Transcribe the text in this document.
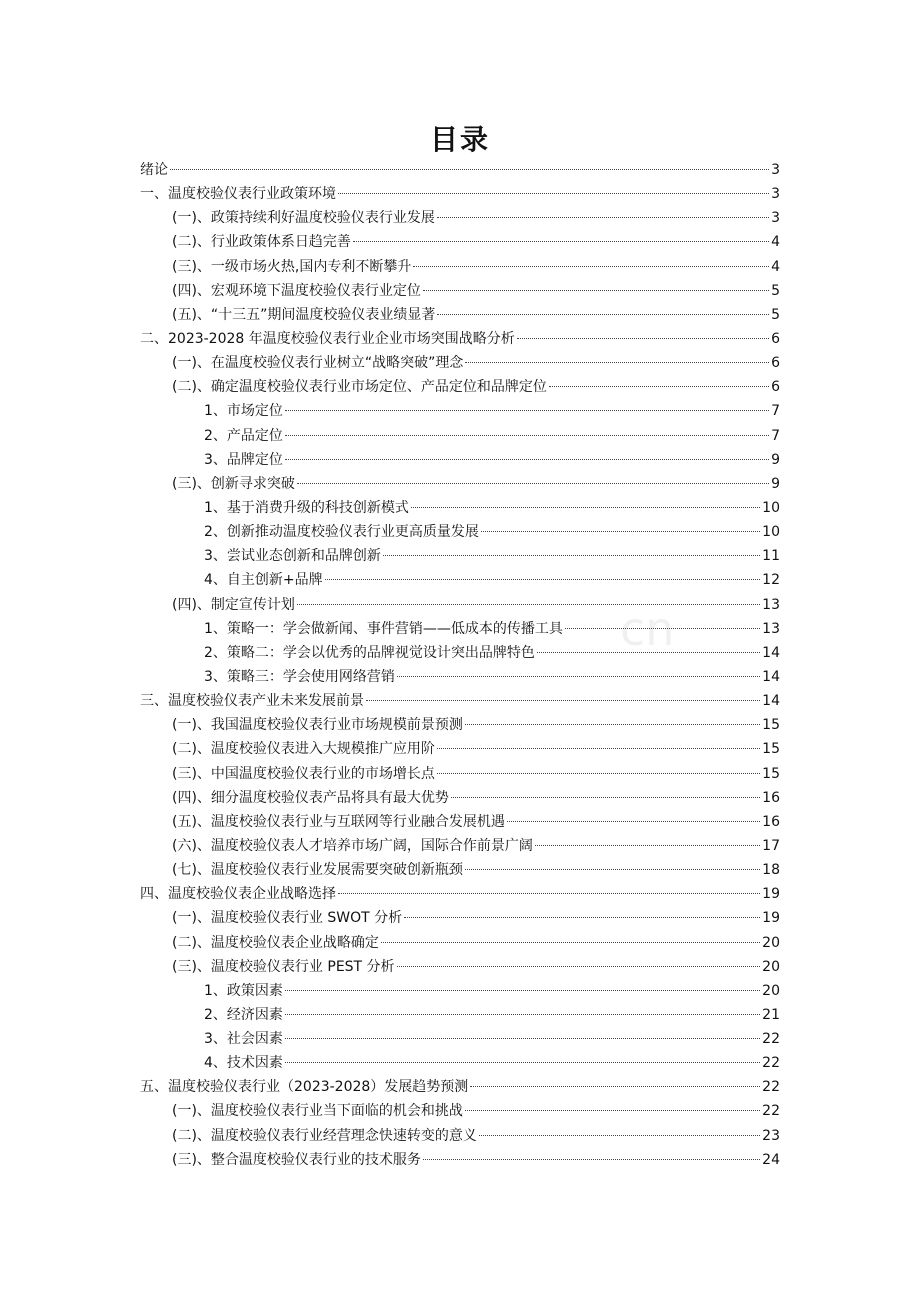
目录
cn
绪论	3
一、温度校验仪表行业政策环境	3
(一)、政策持续利好温度校验仪表行业发展	3
(二)、行业政策体系日趋完善	4
(三)、一级市场火热,国内专利不断攀升	4
(四)、宏观环境下温度校验仪表行业定位	5
(五)、“十三五”期间温度校验仪表业绩显著	5
二、2023-2028 年温度校验仪表行业企业市场突围战略分析	6
(一)、在温度校验仪表行业树立“战略突破”理念	6
(二)、确定温度校验仪表行业市场定位、产品定位和品牌定位	6
1、市场定位	7
2、产品定位	7
3、品牌定位	9
(三)、创新寻求突破	9
1、基于消费升级的科技创新模式	10
2、创新推动温度校验仪表行业更高质量发展	10
3、尝试业态创新和品牌创新	11
4、自主创新+品牌	12
(四)、制定宣传计划	13
1、策略一：学会做新闻、事件营销——低成本的传播工具	13
2、策略二：学会以优秀的品牌视觉设计突出品牌特色	14
3、策略三：学会使用网络营销	14
三、温度校验仪表产业未来发展前景	14
(一)、我国温度校验仪表行业市场规模前景预测	15
(二)、温度校验仪表进入大规模推广应用阶	15
(三)、中国温度校验仪表行业的市场增长点	15
(四)、细分温度校验仪表产品将具有最大优势	16
(五)、温度校验仪表行业与互联网等行业融合发展机遇	16
(六)、温度校验仪表人才培养市场广阔，国际合作前景广阔	17
(七)、温度校验仪表行业发展需要突破创新瓶颈	18
四、温度校验仪表企业战略选择	19
(一)、温度校验仪表行业 SWOT 分析	19
(二)、温度校验仪表企业战略确定	20
(三)、温度校验仪表行业 PEST 分析	20
1、政策因素	20
2、经济因素	21
3、社会因素	22
4、技术因素	22
五、温度校验仪表行业（2023-2028）发展趋势预测	22
(一)、温度校验仪表行业当下面临的机会和挑战	22
(二)、温度校验仪表行业经营理念快速转变的意义	23
(三)、整合温度校验仪表行业的技术服务	24
